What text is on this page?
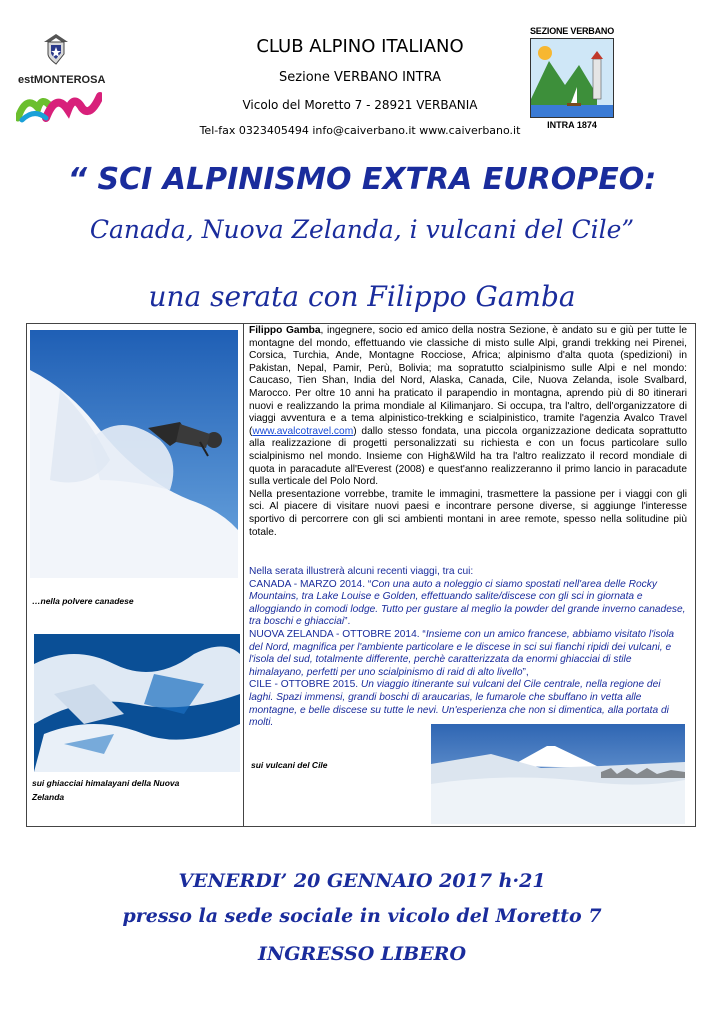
estMONTEROSA
CLUB ALPINO ITALIANO
Sezione VERBANO INTRA
Vicolo del Moretto 7 - 28921 VERBANIA
Tel-fax 0323405494 info@caiverbano.it www.caiverbano.it
SEZIONE VERBANO
INTRA 1874
“ SCI ALPINISMO EXTRA EUROPEO:
Canada, Nuova Zelanda, i vulcani del Cile”
una serata con Filippo Gamba
…nella polvere canadese
sui ghiacciai himalayani della Nuova Zelanda

Filippo Gamba, ingegnere, socio ed amico della nostra Sezione, è andato su e giù per tutte le montagne del mondo, effettuando vie classiche di misto sulle Alpi, grandi trekking nei Pirenei, Corsica, Turchia, Ande, Montagne Rocciose, Africa; alpinismo d'alta quota (spedizioni) in Pakistan, Nepal, Pamir, Perù, Bolivia; ma sopratutto scialpinismo sulle Alpi e nel mondo: Caucaso, Tien Shan, India del Nord, Alaska, Canada, Cile, Nuova Zelanda, isole Svalbard, Marocco. Per oltre 10 anni ha praticato il parapendio in montagna, aprendo più di 80 itinerari nuovi e realizzando la prima mondiale al Kilimanjaro. Si occupa, tra l'altro, dell'organizzatore di viaggi avventura e a tema alpinistico-trekking e scialpinistico, tramite l'agenzia Avalco Travel (www.avalcotravel.com) dallo stesso fondata, una piccola organizzazione dedicata soprattutto alla realizzazione di progetti personalizzati su richiesta e con un focus particolare sullo scialpinismo nel mondo. Insieme con High&Wild ha tra l'altro realizzato il record mondiale di quota in paracadute all'Everest (2008) e quest'anno realizzeranno il primo lancio in paracadute sulla verticale del Polo Nord.

Nella presentazione vorrebbe, tramite le immagini, trasmettere la passione per i viaggi con gli sci. Al piacere di visitare nuovi paesi e incontrare persone diverse, si aggiunge l'interesse sportivo di percorrere con gli sci ambienti montani in aree remote, spesso nella solitudine più totale.

Nella serata illustrerà alcuni recenti viaggi, tra cui:

CANADA - MARZO 2014. “Con una auto a noleggio ci siamo spostati nell'area delle Rocky Mountains, tra Lake Louise e Golden, effettuando salite/discese con gli sci in giornata e alloggiando in comodi lodge. Tutto per gustare al meglio la powder del grande inverno canadese, tra boschi e ghiacciai”.

NUOVA ZELANDA - OTTOBRE 2014. “Insieme con un amico francese, abbiamo visitato l'isola del Nord, magnifica per l'ambiente particolare e le discese in sci sui fianchi ripidi dei vulcani, e l'isola del sud, totalmente differente, perchè caratterizzata da enormi ghiacciai di stile himalayano, perfetti per uno scialpinismo di raid di alto livello”,

CILE - OTTOBRE 2015. Un viaggio itinerante sui vulcani del Cile centrale, nella regione dei laghi. Spazi immensi, grandi boschi di araucarias, le fumarole che sbuffano in vetta alle montagne, e belle discese su tutte le nevi. Un'esperienza che non si dimentica, alla portata di molti.

sui vulcani del Cile
VENERDI’ 20 GENNAIO 2017 h·21
presso la sede sociale in vicolo del Moretto 7
INGRESSO LIBERO
